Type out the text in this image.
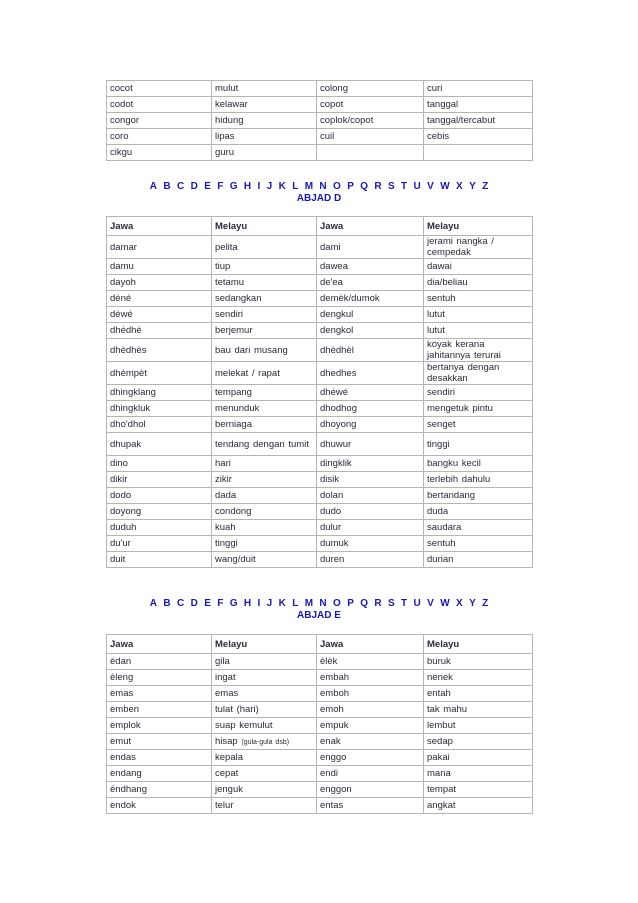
cocot	mulut	colong	curi
codot	kelawar	copot	tanggal
congor	hidung	coplok/copot	tanggal/tercabut
coro	lipas	cuil	cebis
cikgu	guru		
A B C D E F G H I J K L M N O P Q R S T U V W X Y Z
ABJAD D
Jawa	Melayu	Jawa	Melayu
damar	pelita	dami	jerami nangka / cempedak
damu	tiup	dawea	dawai
dayoh	tetamu	de'ea	dia/beliau
déné	sedangkan	demèk/dumok	sentuh
déwé	sendiri	dengkul	lutut
dhédhé	berjemur	dengkol	lutut
dhèdhès	bau dari musang	dhèdhèl	koyak kerana jahitannya terurai
dhèmpèt	melekat / rapat	dhedhes	bertanya dengan desakkan
dhingklang	tempang	dhéwé	sendiri
dhingkluk	menunduk	dhodhog	mengetuk pintu
dho'dhol	berniaga	dhoyong	senget
dhupak	tendang dengan tumit	dhuwur	tinggi
dino	hari	dingklik	bangku kecil
dikir	zikir	disik	terlebih dahulu
dodo	dada	dolan	bertandang
doyong	condong	dudo	duda
duduh	kuah	dulur	saudara
du'ur	tinggi	dumuk	sentuh
duit	wang/duit	duren	durian
A B C D E F G H I J K L M N O P Q R S T U V W X Y Z
ABJAD E
Jawa	Melayu	Jawa	Melayu
édan	gila	èlèk	buruk
èleng	ingat	embah	nenek
emas	emas	emboh	entah
emben	tulat (hari)	emoh	tak mahu
emplok	suap kemulut	empuk	lembut
emut	hisap (gula-gula dsb)	enak	sedap
endas	kepala	enggo	pakai
endang	cepat	endi	mana
éndhang	jenguk	enggon	tempat
endok	telur	entas	angkat
